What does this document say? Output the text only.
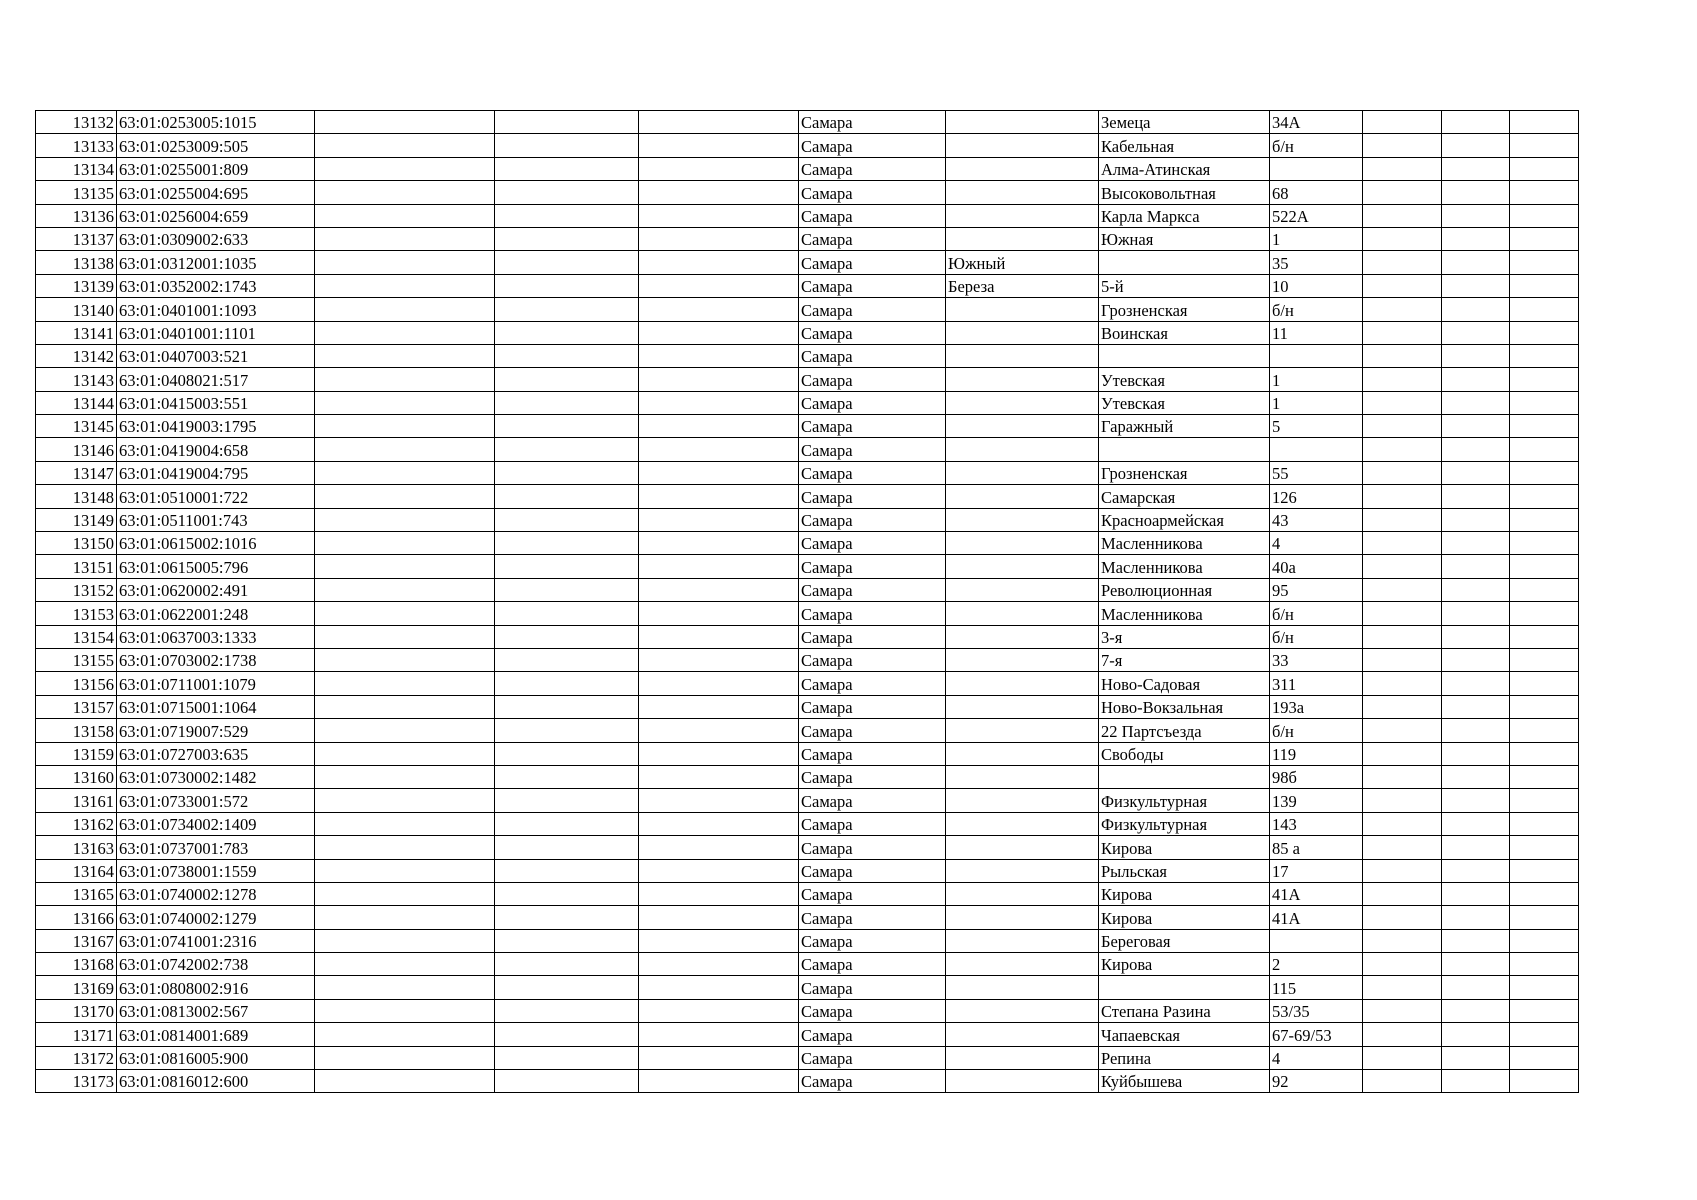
13132	63:01:0253005:1015				Самара		Земеца	34А			
13133	63:01:0253009:505				Самара		Кабельная	б/н			
13134	63:01:0255001:809				Самара		Алма-Атинская				
13135	63:01:0255004:695				Самара		Высоковольтная	68			
13136	63:01:0256004:659				Самара		Карла Маркса	522А			
13137	63:01:0309002:633				Самара		Южная	1			
13138	63:01:0312001:1035				Самара	Южный		35			
13139	63:01:0352002:1743				Самара	Береза	5-й	10			
13140	63:01:0401001:1093				Самара		Грозненская	б/н			
13141	63:01:0401001:1101				Самара		Воинская	11			
13142	63:01:0407003:521				Самара						
13143	63:01:0408021:517				Самара		Утевская	1			
13144	63:01:0415003:551				Самара		Утевская	1			
13145	63:01:0419003:1795				Самара		Гаражный	5			
13146	63:01:0419004:658				Самара						
13147	63:01:0419004:795				Самара		Грозненская	55			
13148	63:01:0510001:722				Самара		Самарская	126			
13149	63:01:0511001:743				Самара		Красноармейская	43			
13150	63:01:0615002:1016				Самара		Масленникова	4			
13151	63:01:0615005:796				Самара		Масленникова	40а			
13152	63:01:0620002:491				Самара		Революционная	95			
13153	63:01:0622001:248				Самара		Масленникова	б/н			
13154	63:01:0637003:1333				Самара		3-я	б/н			
13155	63:01:0703002:1738				Самара		7-я	33			
13156	63:01:0711001:1079				Самара		Ново-Садовая	311			
13157	63:01:0715001:1064				Самара		Ново-Вокзальная	193а			
13158	63:01:0719007:529				Самара		22 Партсъезда	б/н			
13159	63:01:0727003:635				Самара		Свободы	119			
13160	63:01:0730002:1482				Самара			98б			
13161	63:01:0733001:572				Самара		Физкультурная	139			
13162	63:01:0734002:1409				Самара		Физкультурная	143			
13163	63:01:0737001:783				Самара		Кирова	85 а			
13164	63:01:0738001:1559				Самара		Рыльская	17			
13165	63:01:0740002:1278				Самара		Кирова	41А			
13166	63:01:0740002:1279				Самара		Кирова	41А			
13167	63:01:0741001:2316				Самара		Береговая				
13168	63:01:0742002:738				Самара		Кирова	2			
13169	63:01:0808002:916				Самара			115			
13170	63:01:0813002:567				Самара		Степана Разина	53/35			
13171	63:01:0814001:689				Самара		Чапаевская	67-69/53			
13172	63:01:0816005:900				Самара		Репина	4			
13173	63:01:0816012:600				Самара		Куйбышева	92			
